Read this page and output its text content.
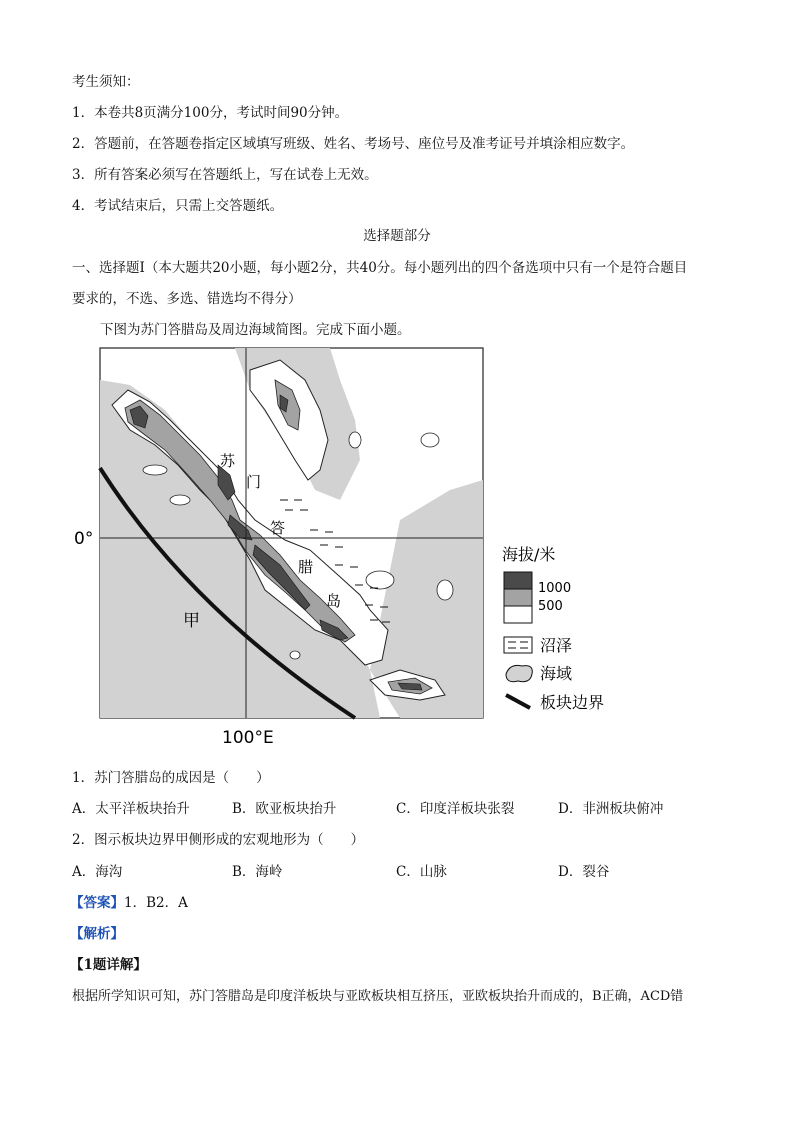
考生须知：
1．本卷共8页满分100分，考试时间90分钟。
2．答题前，在答题卷指定区域填写班级、姓名、考场号、座位号及准考证号并填涂相应数字。
3．所有答案必须写在答题纸上，写在试卷上无效。
4．考试结束后，只需上交答题纸。
选择题部分
一、选择题Ⅰ（本大题共20小题，每小题2分，共40分。每小题列出的四个备选项中只有一个是符合题目
要求的，不选、多选、错选均不得分）
下图为苏门答腊岛及周边海域简图。完成下面小题。
0°
100°E
苏
门
答
腊
岛
甲
海拔/米
1000
500
沼泽
海域
板块边界
1．苏门答腊岛的成因是（　　）
A．太平洋板块抬升	B．欧亚板块抬升	C．印度洋板块张裂	D．非洲板块俯冲
2．图示板块边界甲侧形成的宏观地形为（　　）
A．海沟	B．海岭	C．山脉	D．裂谷
【答案】1．B2．A
【解析】
【1题详解】
根据所学知识可知，苏门答腊岛是印度洋板块与亚欧板块相互挤压，亚欧板块抬升而成的，B正确，ACD错
